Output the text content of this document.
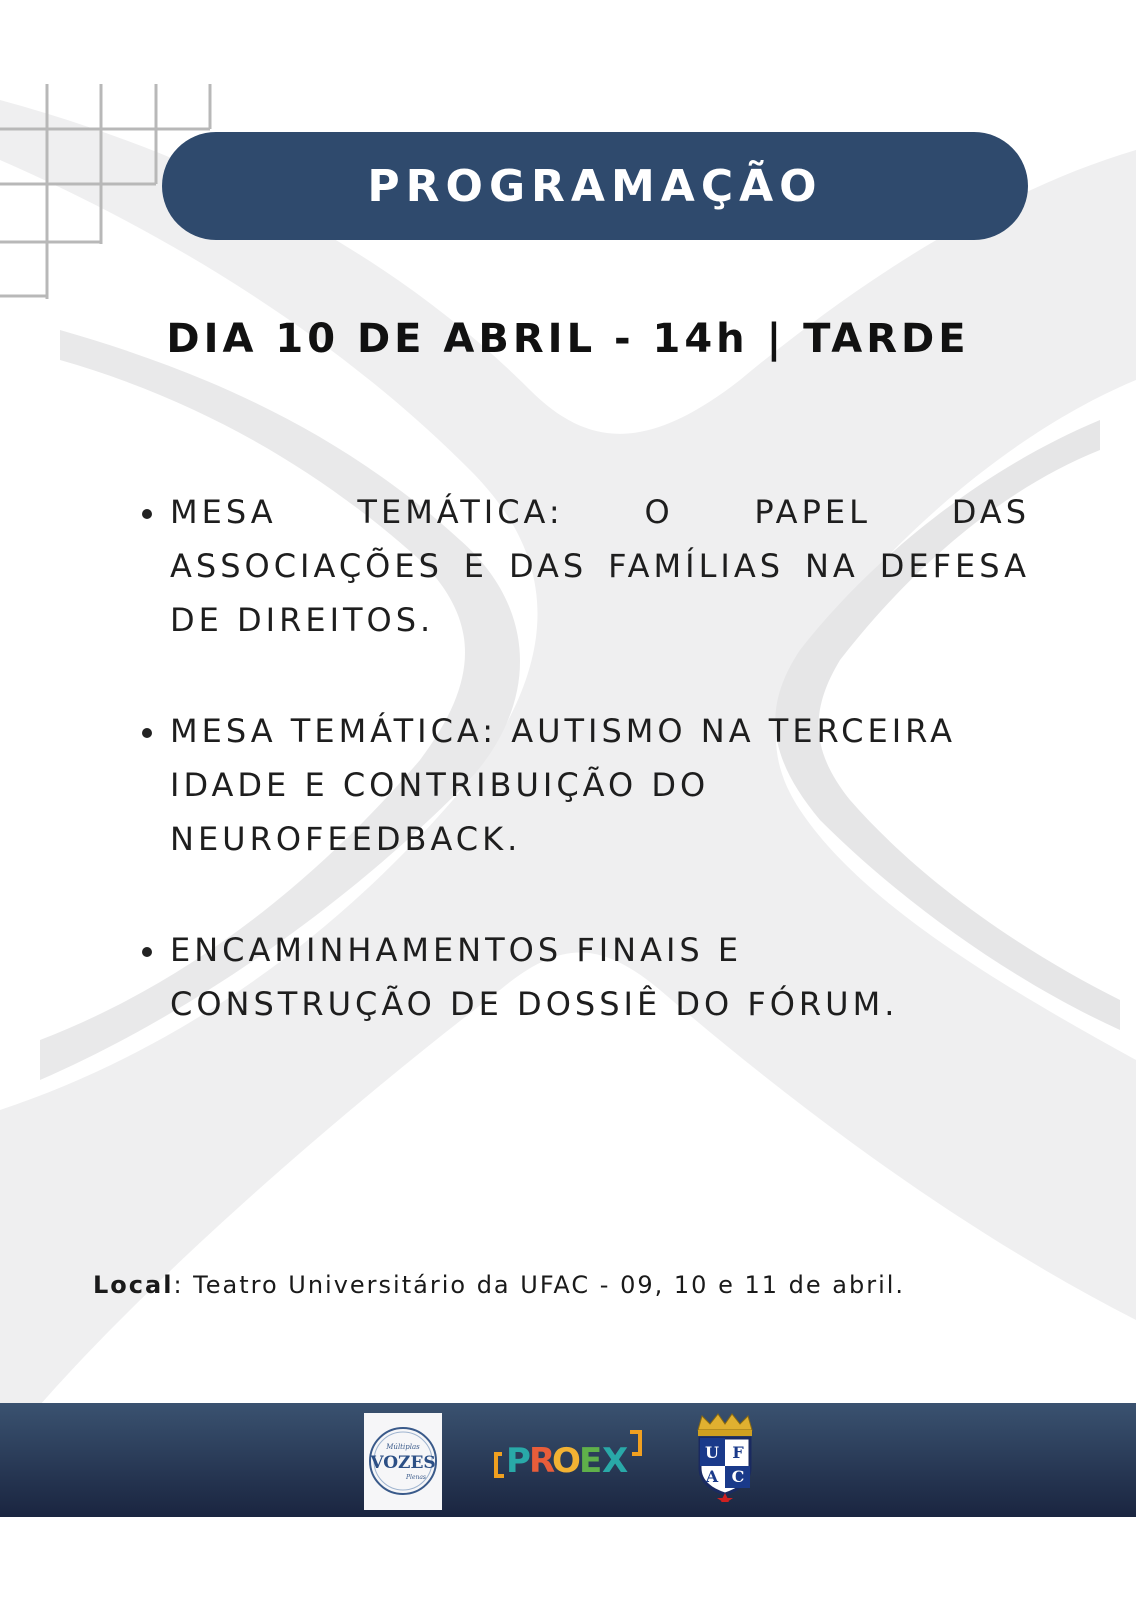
PROGRAMAÇÃO
DIA 10 DE ABRIL - 14h | TARDE
MESA TEMÁTICA: O PAPEL DAS ASSOCIAÇÕES E DAS FAMÍLIAS NA DEFESA DE DIREITOS.
MESA TEMÁTICA: AUTISMO NA TERCEIRA IDADE E CONTRIBUIÇÃO DO NEUROFEEDBACK.
ENCAMINHAMENTOS FINAIS E CONSTRUÇÃO DE DOSSIÊ DO FÓRUM.
Local: Teatro Universitário da UFAC - 09, 10 e 11 de abril.
Múltiplas
VOZES
Plenas P
R
O
E X	U F
A C
